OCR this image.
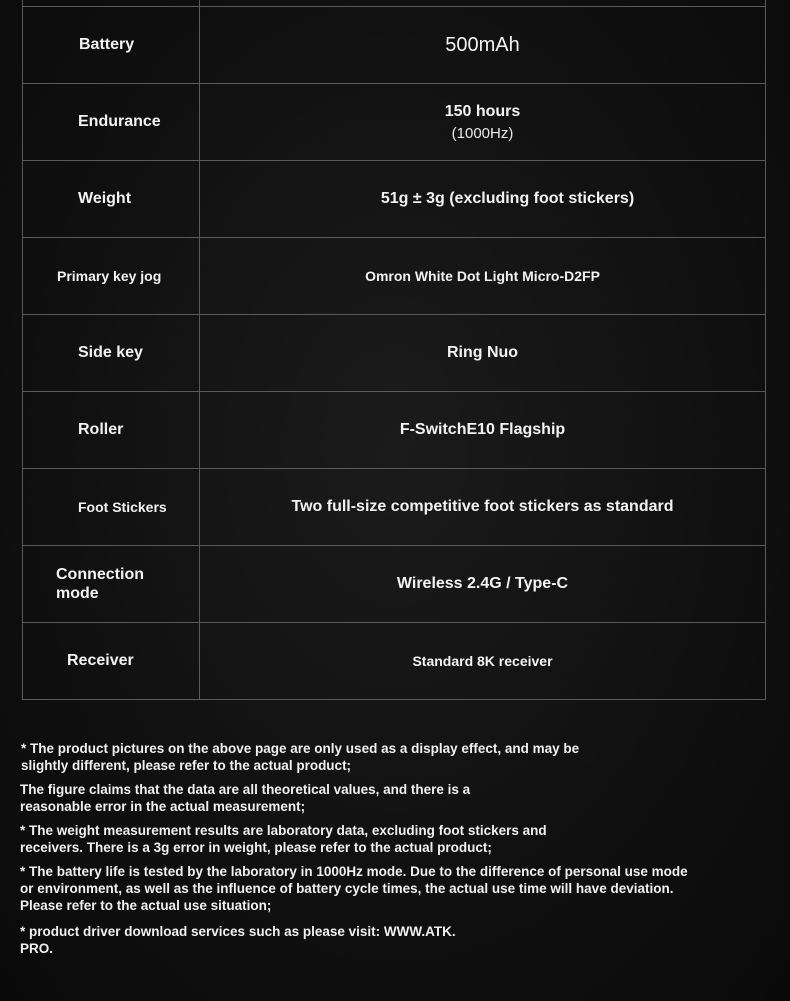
Battery	500mAh
Endurance	150 hours
(1000Hz)

Weight	51g ± 3g (excluding foot stickers)
Primary key jog	Omron White Dot Light Micro-D2FP
Side key	Ring Nuo
Roller	F-SwitchE10 Flagship
Foot Stickers	Two full-size competitive foot stickers as standard

Connection mode	Wireless 2.4G / Type-C
Receiver	Standard 8K receiver

* The product pictures on the above page are only used as a display effect, and may be slightly different, please refer to the actual product;

The figure claims that the data are all theoretical values, and there is a reasonable error in the actual measurement;

* The weight measurement results are laboratory data, excluding foot stickers and receivers. There is a 3g error in weight, please refer to the actual product;

* The battery life is tested by the laboratory in 1000Hz mode. Due to the difference of personal use mode or environment, as well as the influence of battery cycle times, the actual use time will have deviation. Please refer to the actual use situation;

* product driver download services such as please visit: WWW.ATK. PRO.
